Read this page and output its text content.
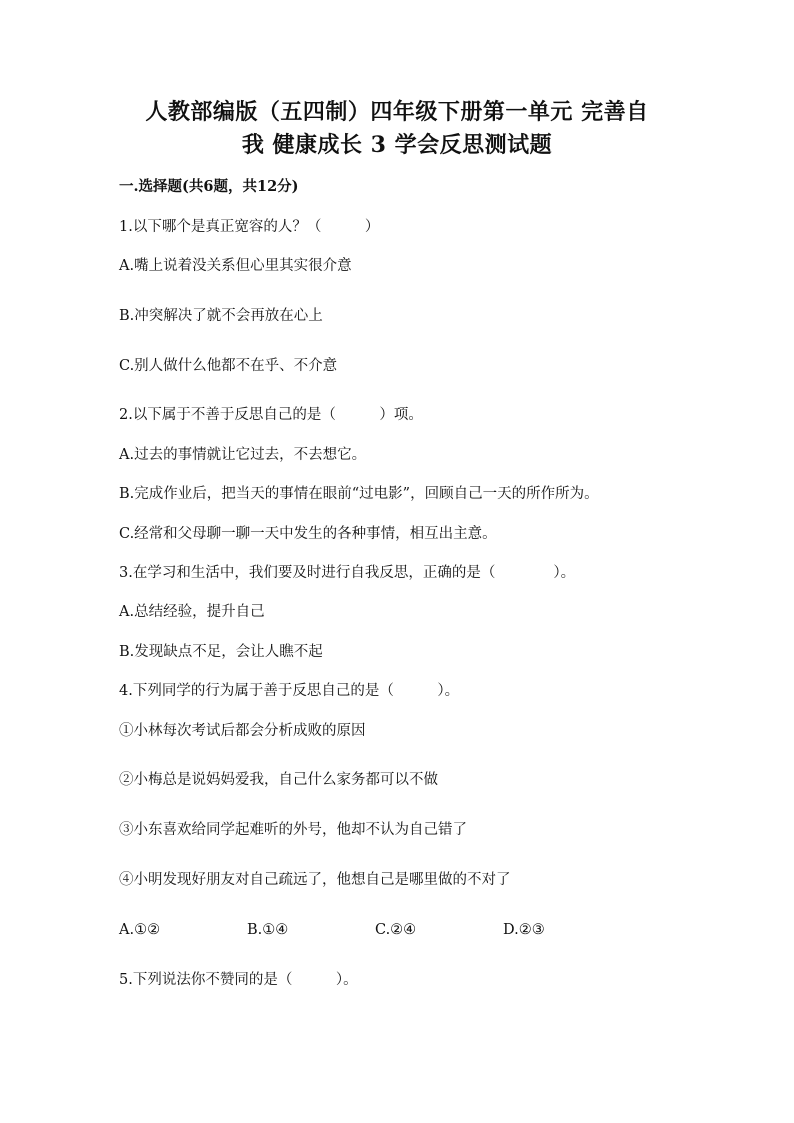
人教部编版（五四制）四年级下册第一单元 完善自
我 健康成长 3 学会反思测试题
一.选择题(共6题，共12分)
1.以下哪个是真正宽容的人？（　　　）
A.嘴上说着没关系但心里其实很介意
B.冲突解决了就不会再放在心上
C.别人做什么他都不在乎、不介意
2.以下属于不善于反思自己的是（　　　）项。
A.过去的事情就让它过去，不去想它。
B.完成作业后，把当天的事情在眼前“过电影”，回顾自己一天的所作所为。
C.经常和父母聊一聊一天中发生的各种事情，相互出主意。
3.在学习和生活中，我们要及时进行自我反思，正确的是（　　　　）。
A.总结经验，提升自己
B.发现缺点不足，会让人瞧不起
4.下列同学的行为属于善于反思自己的是（　　　）。
①小林每次考试后都会分析成败的原因
②小梅总是说妈妈爱我，自己什么家务都可以不做
③小东喜欢给同学起难听的外号，他却不认为自己错了
④小明发现好朋友对自己疏远了，他想自己是哪里做的不对了
A.①②	B.①④	C.②④	D.②③
5.下列说法你不赞同的是（　　　）。
